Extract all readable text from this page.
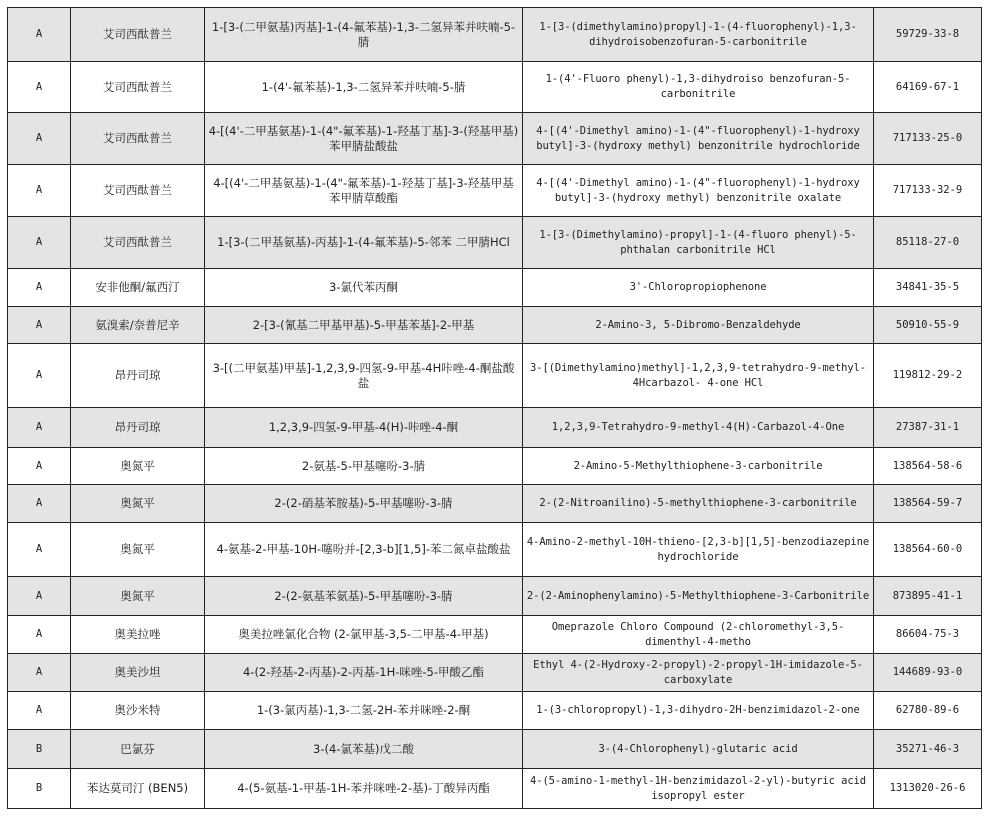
A	艾司西酞普兰	1-[3-(二甲氨基)丙基]-1-(4-氟苯基)-1,3-二氢异苯并呋喃-5-腈	1-[3-(dimethylamino)propyl]-1-(4-fluorophenyl)-1,3-dihydroisobenzofuran-5-carbonitrile	59729-33-8
A	艾司西酞普兰	1-(4'-氟苯基)-1,3-二氢异苯并呋喃-5-腈	1-(4'-Fluoro phenyl)-1,3-dihydroiso benzofuran-5-carbonitrile	64169-67-1
A	艾司西酞普兰	4-[(4'-二甲基氨基)-1-(4"-氟苯基)-1-羟基丁基]-3-(羟基甲基)苯甲腈盐酸盐	4-[(4'-Dimethyl amino)-1-(4"-fluorophenyl)-1-hydroxy butyl]-3-(hydroxy methyl) benzonitrile hydrochloride	717133-25-0
A	艾司西酞普兰	4-[(4'-二甲基氨基)-1-(4"-氟苯基)-1-羟基丁基]-3-羟基甲基苯甲腈草酸酯	4-[(4'-Dimethyl amino)-1-(4"-fluorophenyl)-1-hydroxy butyl]-3-(hydroxy methyl) benzonitrile oxalate	717133-32-9
A	艾司西酞普兰	1-[3-(二甲基氨基)-丙基]-1-(4-氟苯基)-5-邻苯 二甲腈HCl	1-[3-(Dimethylamino)-propyl]-1-(4-fluoro phenyl)-5-phthalan carbonitrile HCl	85118-27-0
A	安非他酮/氟西汀	3-氯代苯丙酮	3'-Chloropropiophenone	34841-35-5
A	氨溴索/奈普尼辛	2-[3-(氰基二甲基甲基)-5-甲基苯基]-2-甲基	2-Amino-3, 5-Dibromo-Benzaldehyde	50910-55-9
A	昂丹司琼	3-[(二甲氨基)甲基]-1,2,3,9-四氢-9-甲基-4H咔唑-4-酮盐酸盐	3-[(Dimethylamino)methyl]-1,2,3,9-tetrahydro-9-methyl-4Hcarbazol- 4-one HCl	119812-29-2
A	昂丹司琼	1,2,3,9-四氢-9-甲基-4(H)-咔唑-4-酮	1,2,3,9-Tetrahydro-9-methyl-4(H)-Carbazol-4-One	27387-31-1
A	奥氮平	2-氨基-5-甲基噻吩-3-腈	2-Amino-5-Methylthiophene-3-carbonitrile	138564-58-6
A	奥氮平	2-(2-硝基苯胺基)-5-甲基噻吩-3-腈	2-(2-Nitroanilino)-5-methylthiophene-3-carbonitrile	138564-59-7
A	奥氮平	4-氨基-2-甲基-10H-噻吩并-[2,3-b][1,5]-苯二氮卓盐酸盐	4-Amino-2-methyl-10H-thieno-[2,3-b][1,5]-benzodiazepine hydrochloride	138564-60-0
A	奥氮平	2-(2-氨基苯氨基)-5-甲基噻吩-3-腈	2-(2-Aminophenylamino)-5-Methylthiophene-3-Carbonitrile	873895-41-1
A	奥美拉唑	奥美拉唑氯化合物 (2-氯甲基-3,5-二甲基-4-甲基)	Omeprazole Chloro Compound (2-chloromethyl-3,5-dimenthyl-4-metho	86604-75-3
A	奥美沙坦	4-(2-羟基-2-丙基)-2-丙基-1H-咪唑-5-甲酸乙酯	Ethyl 4-(2-Hydroxy-2-propyl)-2-propyl-1H-imidazole-5-carboxylate	144689-93-0
A	奥沙米特	1-(3-氯丙基)-1,3-二氢-2H-苯并咪唑-2-酮	1-(3-chloropropyl)-1,3-dihydro-2H-benzimidazol-2-one	62780-89-6
B	巴氯芬	3-(4-氯苯基)戊二酸	3-(4-Chlorophenyl)-glutaric acid	35271-46-3
B	苯达莫司汀 (BEN5)	4-(5-氨基-1-甲基-1H-苯并咪唑-2-基)-丁酸异丙酯	4-(5-amino-1-methyl-1H-benzimidazol-2-yl)-butyric acid isopropyl ester	1313020-26-6
